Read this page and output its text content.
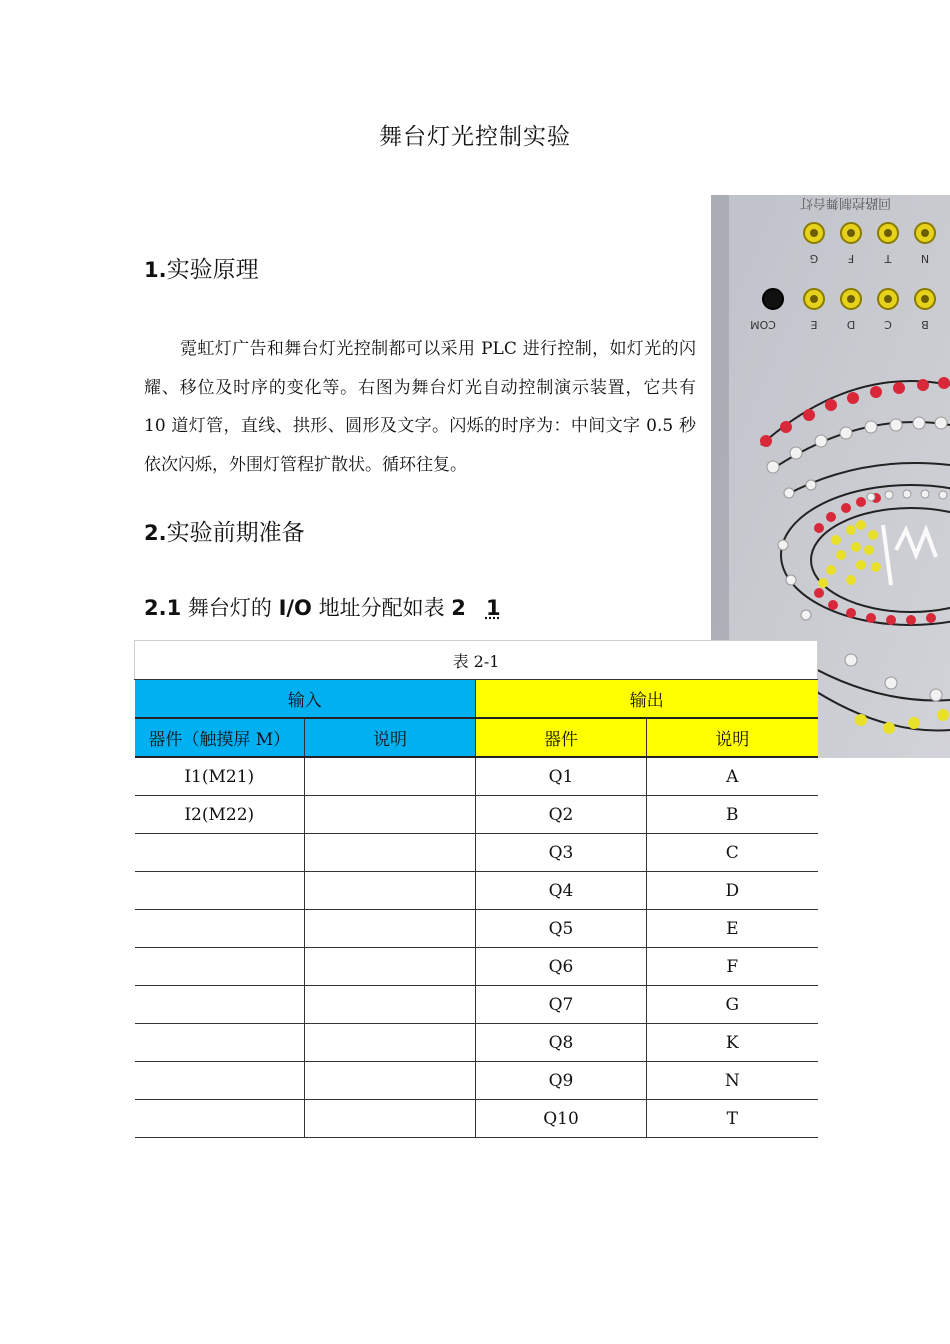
舞台灯光控制实验
1.实验原理
霓虹灯广告和舞台灯光控制都可以采用 PLC 进行控制，如灯光的闪耀、移位及时序的变化等。右图为舞台灯光自动控制演示装置，它共有 10 道灯管，直线、拱形、圆形及文字。闪烁的时序为：中间文字 0.5 秒依次闪烁，外围灯管程扩散状。循环往复。
2.实验前期准备
2.1 舞台灯的 I/O 地址分配如表 2 1
回路控制舞台灯
G	F	T	N
COM	E	D	C	B
表 2-1			
输入		输出	
器件（触摸屏 M）	说明	器件	说明
I1(M21)		Q1	A
I2(M22)		Q2	B
		Q3	C
		Q4	D
		Q5	E
		Q6	F
		Q7	G
		Q8	K
		Q9	N
		Q10	T
